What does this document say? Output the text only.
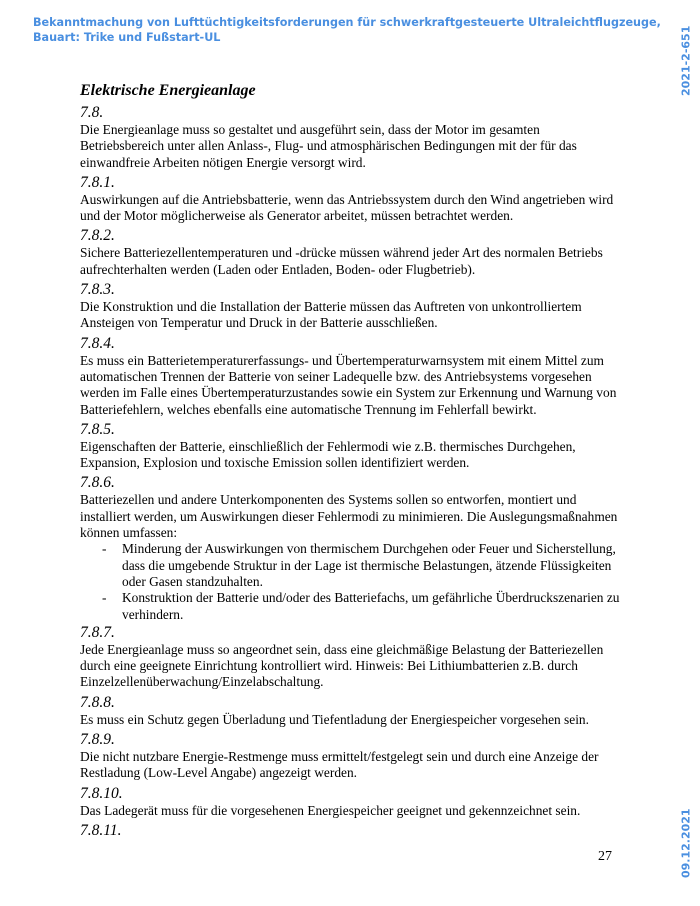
Bekanntmachung von Lufttüchtigkeitsforderungen für schwerkraftgesteuerte Ultraleichtflugzeuge, Bauart: Trike und Fußstart-UL	2021-2-651
09.12.2021
Elektrische Energieanlage

7.8.

Die Energieanlage muss so gestaltet und ausgeführt sein, dass der Motor im gesamten Betriebsbereich unter allen Anlass-, Flug- und atmosphärischen Bedingungen mit der für das einwandfreie Arbeiten nötigen Energie versorgt wird.

7.8.1.

Auswirkungen auf die Antriebsbatterie, wenn das Antriebssystem durch den Wind angetrieben wird und der Motor möglicherweise als Generator arbeitet, müssen betrachtet werden.

7.8.2.

Sichere Batteriezellentemperaturen und -drücke müssen während jeder Art des normalen Betriebs aufrechterhalten werden (Laden oder Entladen, Boden- oder Flugbetrieb).

7.8.3.

Die Konstruktion und die Installation der Batterie müssen das Auftreten von unkontrolliertem Ansteigen von Temperatur und Druck in der Batterie ausschließen.

7.8.4.

Es muss ein Batterietemperaturerfassungs- und Übertemperaturwarnsystem mit einem Mittel zum automatischen Trennen der Batterie von seiner Ladequelle bzw. des Antriebsystems vorgesehen werden im Falle eines Übertemperaturzustandes sowie ein System zur Erkennung und Warnung von Batteriefehlern, welches ebenfalls eine automatische Trennung im Fehlerfall bewirkt.

7.8.5.

Eigenschaften der Batterie, einschließlich der Fehlermodi wie z.B. thermisches Durchgehen, Expansion, Explosion und toxische Emission sollen identifiziert werden.

7.8.6.

Batteriezellen und andere Unterkomponenten des Systems sollen so entworfen, montiert und installiert werden, um Auswirkungen dieser Fehlermodi zu minimieren. Die Auslegungsmaßnahmen können umfassen:

- Minderung der Auswirkungen von thermischem Durchgehen oder Feuer und Sicherstellung, dass die umgebende Struktur in der Lage ist thermische Belastungen, ätzende Flüssigkeiten oder Gasen standzuhalten.
- Konstruktion der Batterie und/oder des Batteriefachs, um gefährliche Überdruckszenarien zu verhindern.

7.8.7.

Jede Energieanlage muss so angeordnet sein, dass eine gleichmäßige Belastung der Batteriezellen durch eine geeignete Einrichtung kontrolliert wird. Hinweis: Bei Lithiumbatterien z.B. durch Einzelzellenüberwachung/Einzelabschaltung.

7.8.8.

Es muss ein Schutz gegen Überladung und Tiefentladung der Energiespeicher vorgesehen sein.

7.8.9.

Die nicht nutzbare Energie-Restmenge muss ermittelt/festgelegt sein und durch eine Anzeige der Restladung (Low-Level Angabe) angezeigt werden.

7.8.10.

Das Ladegerät muss für die vorgesehenen Energiespeicher geeignet und gekennzeichnet sein.

7.8.11.

27
